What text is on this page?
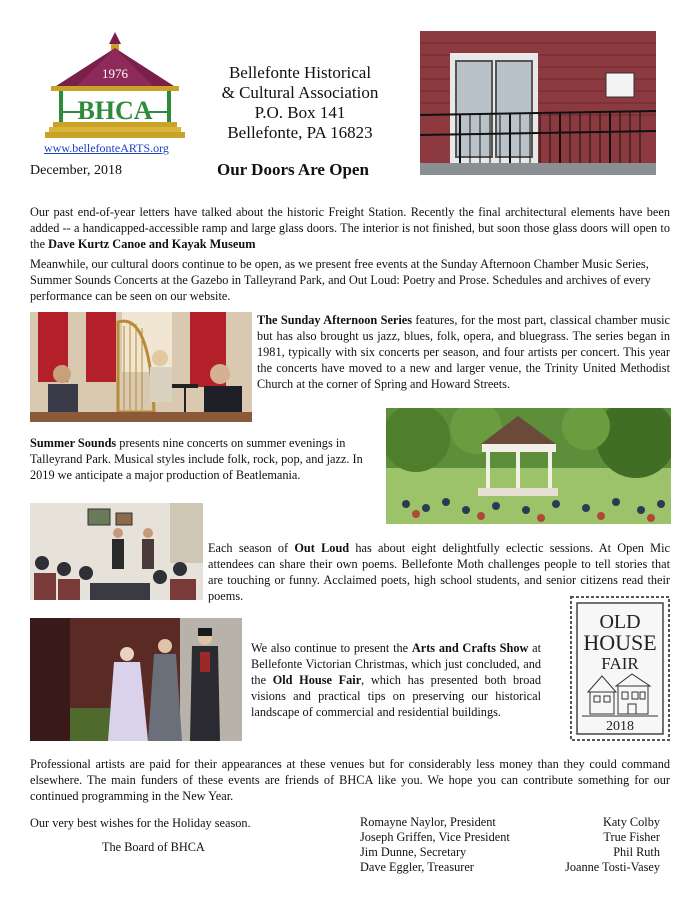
1976
BHCA
www.bellefonteARTS.org
Bellefonte Historical
& Cultural Association
P.O. Box 141
Bellefonte, PA 16823
December, 2018	Our Doors Are Open

Our past end-of-year letters have talked about the historic Freight Station. Recently the final architectural elements have been added -- a handicapped-accessible ramp and large glass doors. The interior is not finished, but soon those glass doors will open to the Dave Kurtz Canoe and Kayak Museum

Meanwhile, our cultural doors continue to be open, as we present free events at the Sunday Afternoon Chamber Music Series, Summer Sounds Concerts at the Gazebo in Talleyrand Park, and Out Loud: Poetry and Prose. Schedules and archives of every performance can be seen on our website.

The Sunday Afternoon Series features, for the most part, classical chamber music but has also brought us jazz, blues, folk, opera, and bluegrass. The series began in 1981, typically with six concerts per season, and four artists per concert. This year the concerts have moved to a new and larger venue, the Trinity United Methodist Church at the corner of Spring and Howard Streets.

Summer Sounds presents nine concerts on summer evenings in Talleyrand Park. Musical styles include folk, rock, pop, and jazz. In 2019 we anticipate a major production of Beatlemania.

Each season of Out Loud has about eight delightfully eclectic sessions. At Open Mic attendees can share their own poems. Bellefonte Moth challenges people to tell stories that are touching or funny. Acclaimed poets, high school students, and senior citizens read their poems.

We also continue to present the Arts and Crafts Show at Bellefonte Victorian Christmas, which just concluded, and the Old House Fair, which has presented both broad visions and practical tips on preserving our historical landscape of commercial and residential buildings.

OLD
HOUSE
FAIR
2018

Professional artists are paid for their appearances at these venues but for considerably less money than they could command elsewhere. The main funders of these events are friends of BHCA like you. We hope you can contribute something for our continued programming in the New Year.

Our very best wishes for the Holiday season.
The Board of BHCA
Romayne Naylor, President
Joseph Griffen, Vice President
Jim Dunne, Secretary
Dave Eggler, Treasurer
Katy Colby
True Fisher
Phil Ruth
Joanne Tosti-Vasey
